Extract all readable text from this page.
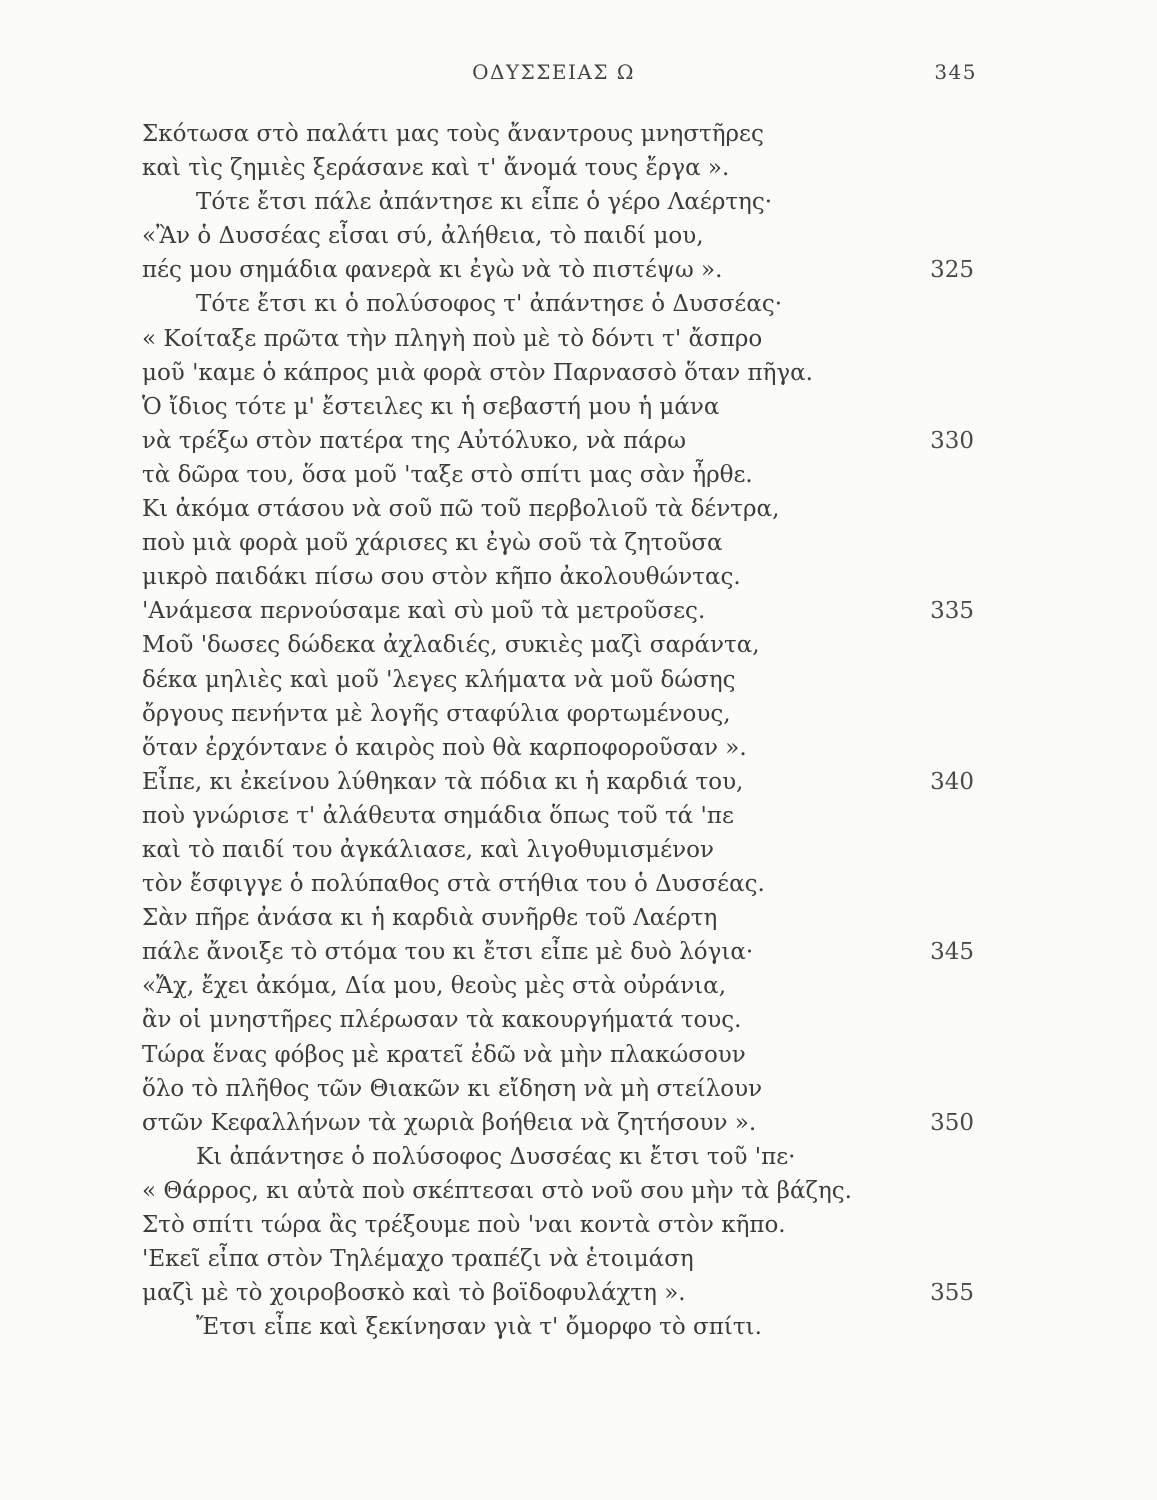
ΟΔΥΣΣΕΙΑΣ Ω	345
Σκότωσα στὸ παλάτι μας τοὺς ἄναντρους μνηστῆρες
καὶ τὶς ζημιὲς ξεράσανε καὶ τ' ἄνομά τους ἔργα ».
Τότε ἔτσι πάλε ἀπάντησε κι εἶπε ὁ γέρο Λαέρτης·
«Ἂν ὁ Δυσσέας εἶσαι σύ, ἀλήθεια, τὸ παιδί μου,
πές μου σημάδια φανερὰ κι ἐγὼ νὰ τὸ πιστέψω ».	325
Τότε ἔτσι κι ὁ πολύσοφος τ' ἀπάντησε ὁ Δυσσέας·
« Κοίταξε πρῶτα τὴν πληγὴ ποὺ μὲ τὸ δόντι τ' ἄσπρο
μοῦ 'καμε ὁ κάπρος μιὰ φορὰ στὸν Παρνασσὸ ὅταν πῆγα.
Ὁ ἴδιος τότε μ' ἔστειλες κι ἡ σεβαστή μου ἡ μάνα
νὰ τρέξω στὸν πατέρα της Αὐτόλυκο, νὰ πάρω	330
τὰ δῶρα του, ὅσα μοῦ 'ταξε στὸ σπίτι μας σὰν ἦρθε.
Κι ἀκόμα στάσου νὰ σοῦ πῶ τοῦ περβολιοῦ τὰ δέντρα,
ποὺ μιὰ φορὰ μοῦ χάρισες κι ἐγὼ σοῦ τὰ ζητοῦσα
μικρὸ παιδάκι πίσω σου στὸν κῆπο ἀκολουθώντας.
'Ανάμεσα περνούσαμε καὶ σὺ μοῦ τὰ μετροῦσες.	335
Μοῦ 'δωσες δώδεκα ἀχλαδιές, συκιὲς μαζὶ σαράντα,
δέκα μηλιὲς καὶ μοῦ 'λεγες κλήματα νὰ μοῦ δώσης
ὄργους πενήντα μὲ λογῆς σταφύλια φορτωμένους,
ὅταν ἐρχόντανε ὁ καιρὸς ποὺ θὰ καρποφοροῦσαν ».
Εἶπε, κι ἐκείνου λύθηκαν τὰ πόδια κι ἡ καρδιά του,	340
ποὺ γνώρισε τ' ἀλάθευτα σημάδια ὅπως τοῦ τά 'πε
καὶ τὸ παιδί του ἀγκάλιασε, καὶ λιγοθυμισμένον
τὸν ἔσφιγγε ὁ πολύπαθος στὰ στήθια του ὁ Δυσσέας.
Σὰν πῆρε ἀνάσα κι ἡ καρδιὰ συνῆρθε τοῦ Λαέρτη
πάλε ἄνοιξε τὸ στόμα του κι ἔτσι εἶπε μὲ δυὸ λόγια·	345
«Ἄχ, ἔχει ἀκόμα, Δία μου, θεοὺς μὲς στὰ οὐράνια,
ἂν οἱ μνηστῆρες πλέρωσαν τὰ κακουργήματά τους.
Τώρα ἕνας φόβος μὲ κρατεῖ ἐδῶ νὰ μὴν πλακώσουν
ὅλο τὸ πλῆθος τῶν Θιακῶν κι εἴδηση νὰ μὴ στείλουν
στῶν Κεφαλλήνων τὰ χωριὰ βοήθεια νὰ ζητήσουν ».	350
Κι ἀπάντησε ὁ πολύσοφος Δυσσέας κι ἔτσι τοῦ 'πε·
« Θάρρος, κι αὐτὰ ποὺ σκέπτεσαι στὸ νοῦ σου μὴν τὰ βάζης.
Στὸ σπίτι τώρα ἂς τρέξουμε ποὺ 'ναι κοντὰ στὸν κῆπο.
'Εκεῖ εἶπα στὸν Τηλέμαχο τραπέζι νὰ ἑτοιμάση
μαζὶ μὲ τὸ χοιροβοσκὸ καὶ τὸ βοϊδοφυλάχτη ».	355
Ἔτσι εἶπε καὶ ξεκίνησαν γιὰ τ' ὄμορφο τὸ σπίτι.
